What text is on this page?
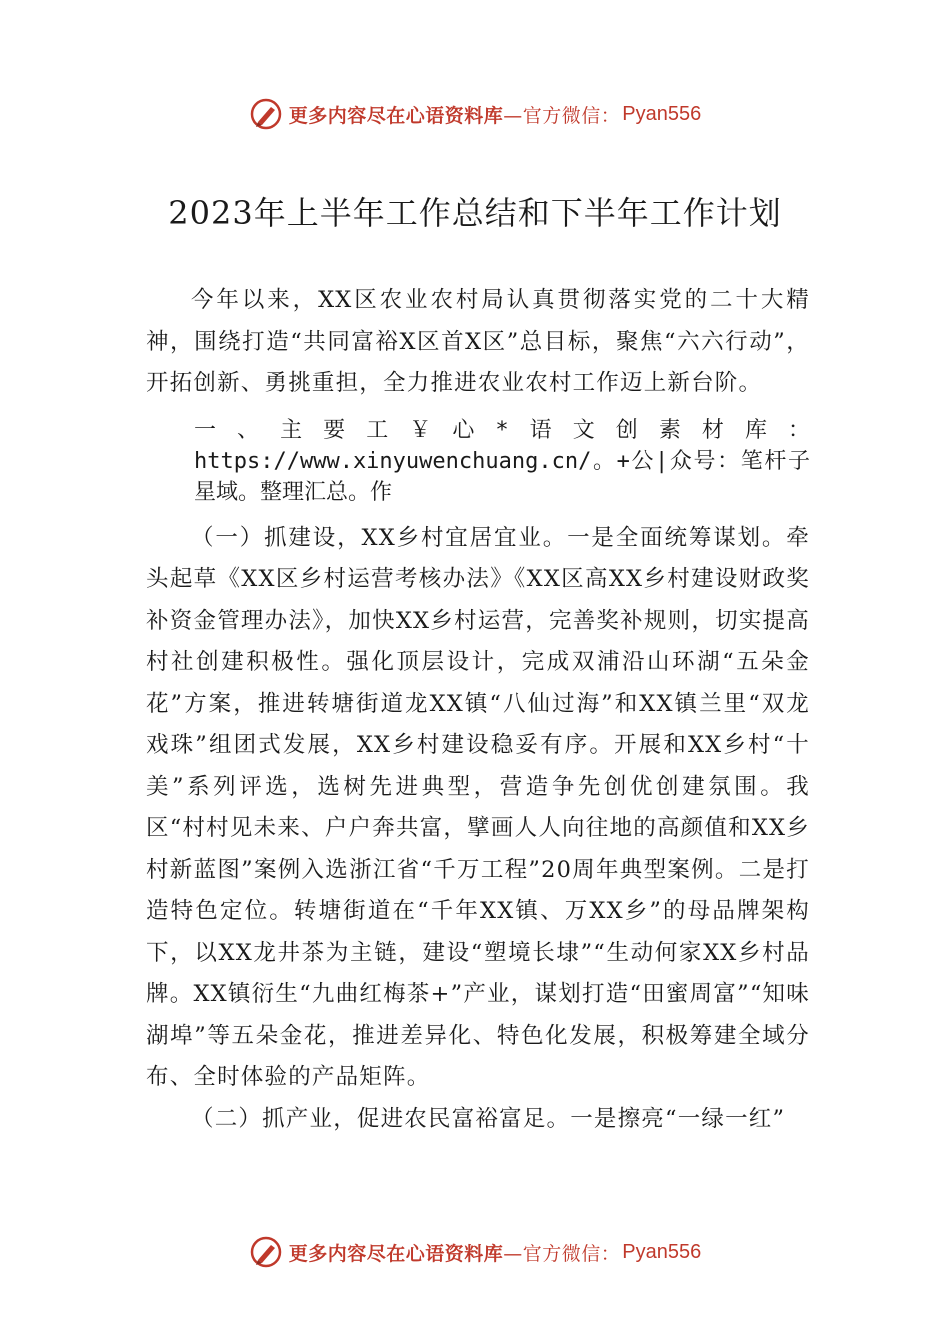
更多内容尽在心语资料库 —官方微信： Pyan556
2023年上半年工作总结和下半年工作计划

今年以来，XX区农业农村局认真贯彻落实党的二十大精神，围绕打造“共同富裕X区首X区”总目标，聚焦“六六行动”，开拓创新、勇挑重担，全力推进农业农村工作迈上新台阶。

一、主要工￥心*语文创素材库：https://www.xinyuwenchuang.cn/。+公|众号：笔杆子星域。整理汇总。作

（一）抓建设，XX乡村宜居宜业。一是全面统筹谋划。牵头起草《XX区乡村运营考核办法》《XX区高XX乡村建设财政奖补资金管理办法》，加快XX乡村运营，完善奖补规则，切实提高村社创建积极性。强化顶层设计，完成双浦沿山环湖“五朵金花”方案，推进转塘街道龙XX镇“八仙过海”和XX镇兰里“双龙戏珠”组团式发展，XX乡村建设稳妥有序。开展和XX乡村“十美”系列评选，选树先进典型，营造争先创优创建氛围。我区“村村见未来、户户奔共富，擘画人人向往地的高颜值和XX乡村新蓝图”案例入选浙江省“千万工程”20周年典型案例。二是打造特色定位。转塘街道在“千年XX镇、万XX乡”的母品牌架构下，以XX龙井茶为主链，建设“塑境长埭”“生动何家XX乡村品牌。XX镇衍生“九曲红梅茶+”产业，谋划打造“田蜜周富”“知味湖埠”等五朵金花，推进差异化、特色化发展，积极筹建全域分布、全时体验的产品矩阵。

（二）抓产业，促进农民富裕富足。一是擦亮“一绿一红”

更多内容尽在心语资料库 —官方微信： Pyan556
